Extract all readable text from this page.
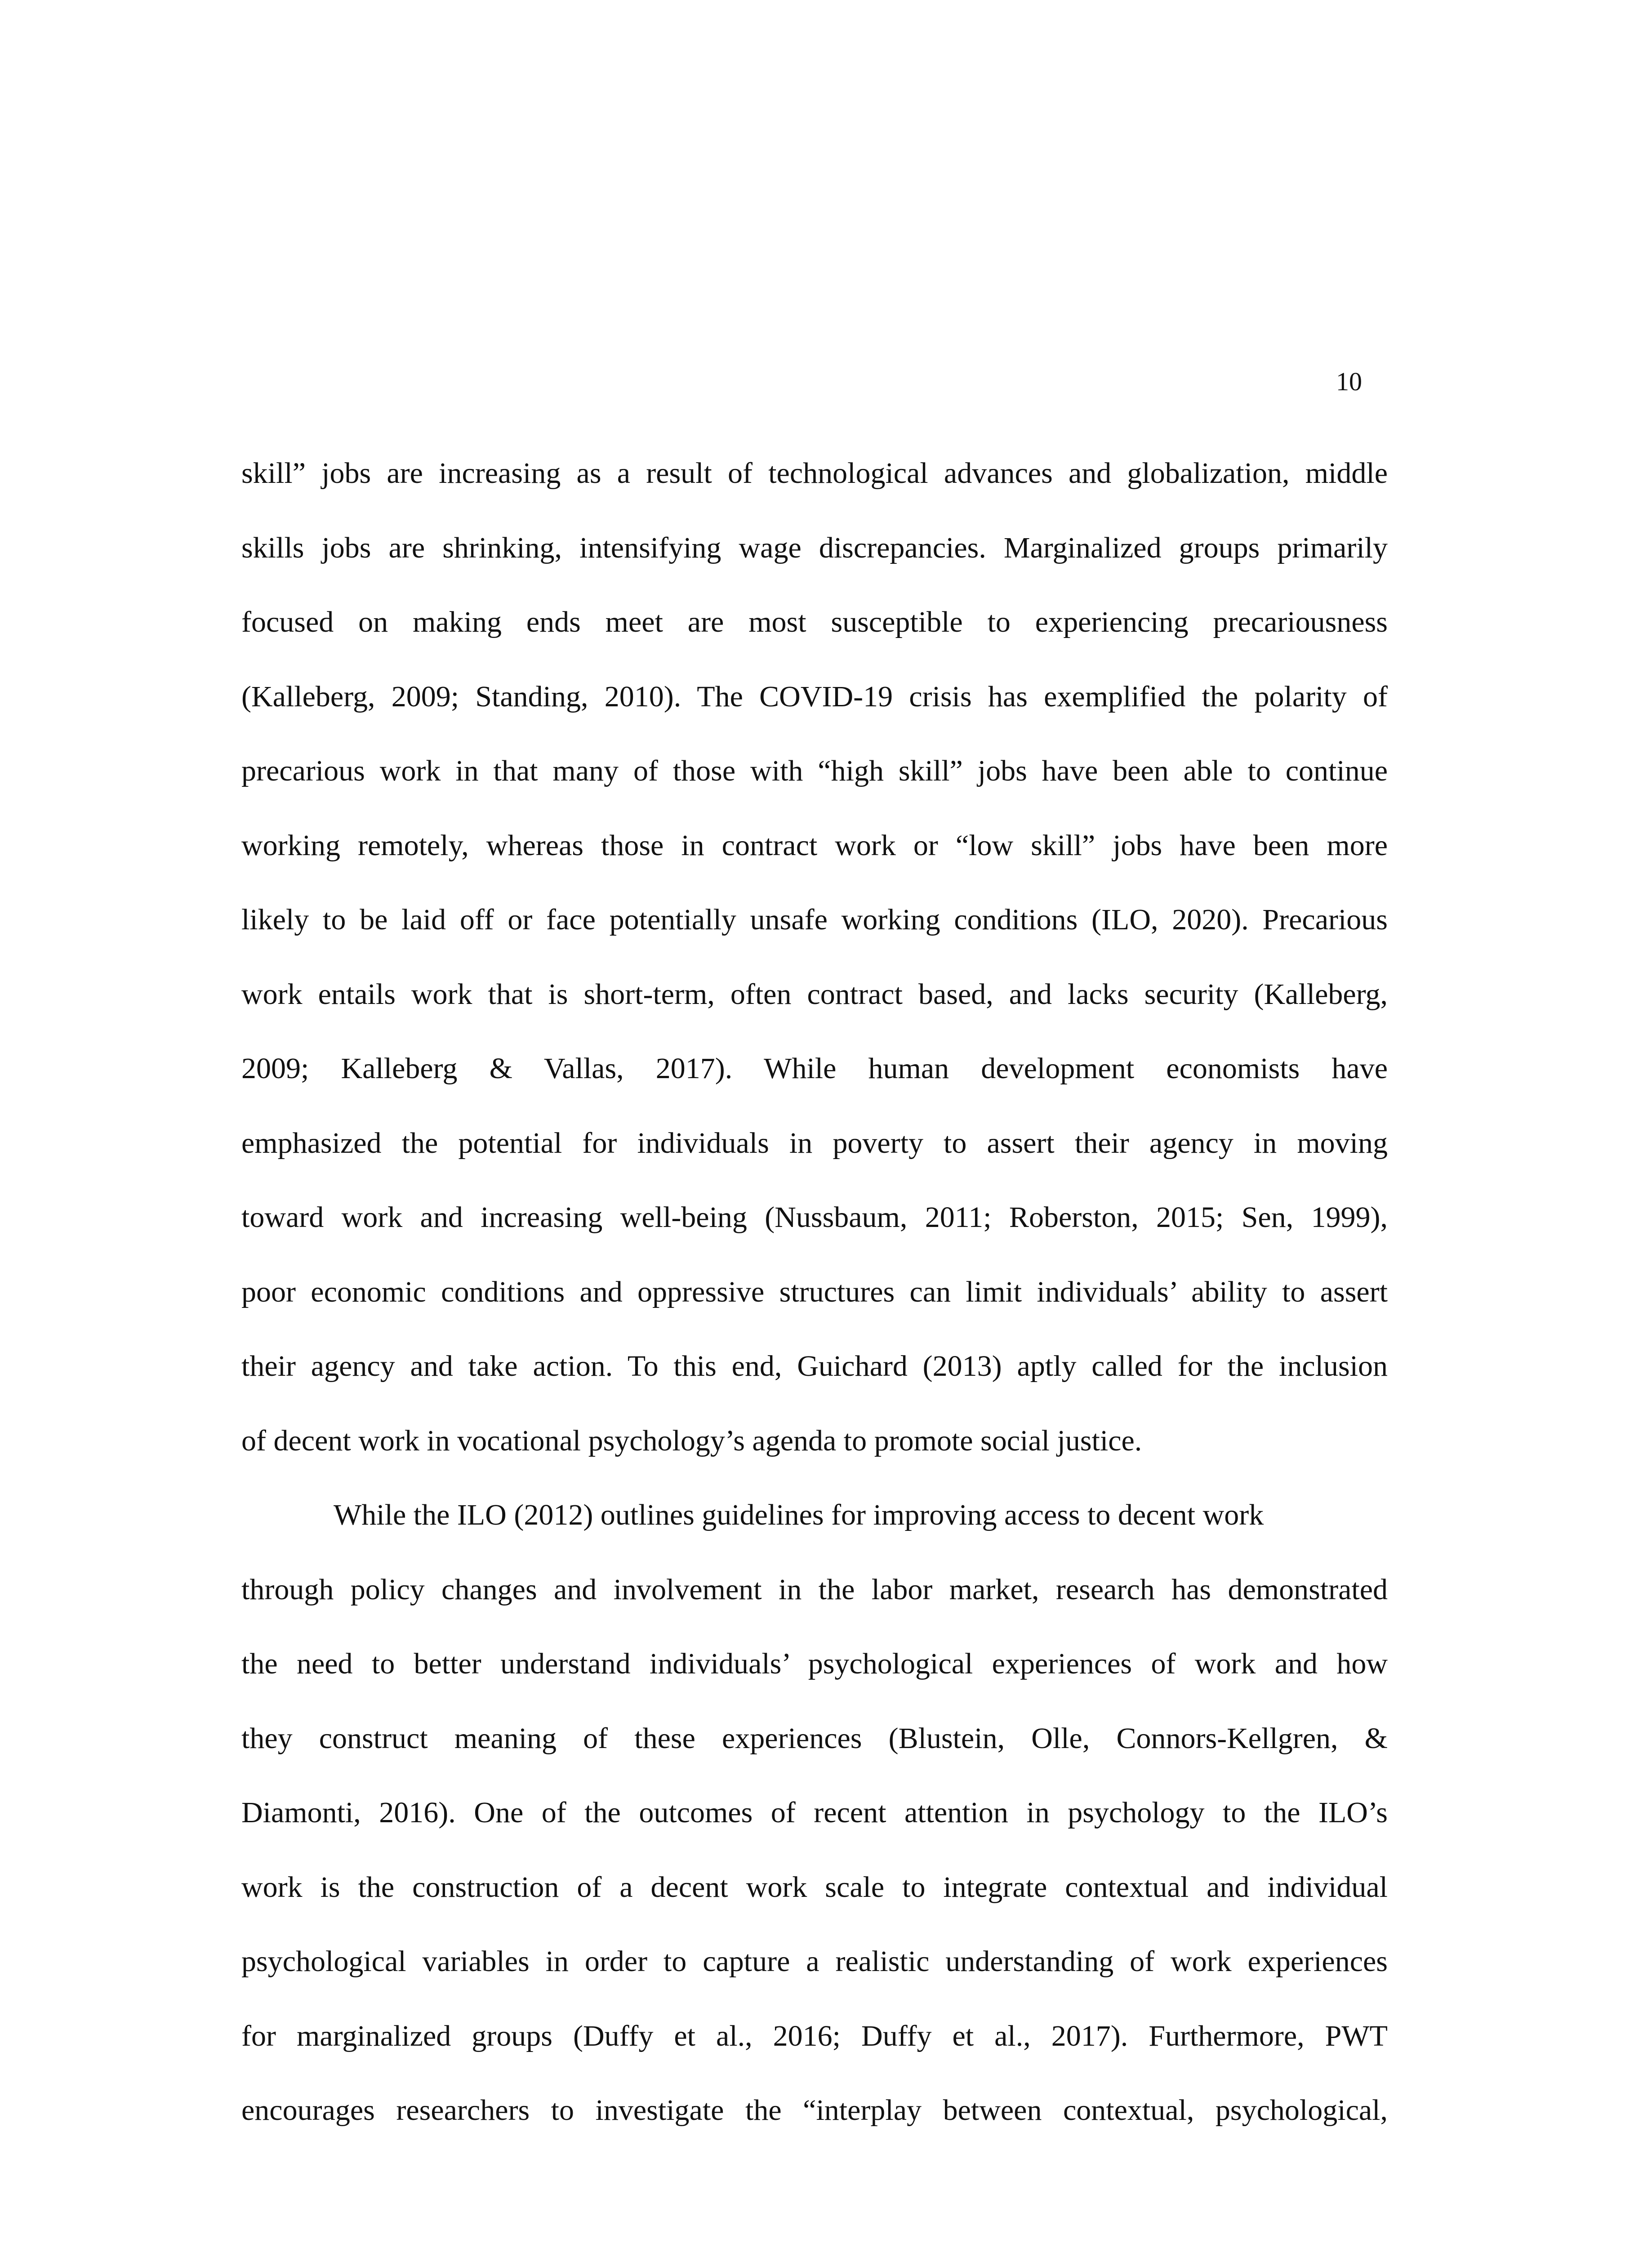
10
skill” jobs are increasing as a result of technological advances and globalization, middle
skills jobs are shrinking, intensifying wage discrepancies. Marginalized groups primarily
focused on making ends meet are most susceptible to experiencing precariousness
(Kalleberg, 2009; Standing, 2010). The COVID-19 crisis has exemplified the polarity of
precarious work in that many of those with “high skill” jobs have been able to continue
working remotely, whereas those in contract work or “low skill” jobs have been more
likely to be laid off or face potentially unsafe working conditions (ILO, 2020). Precarious
work entails work that is short-term, often contract based, and lacks security (Kalleberg,
2009; Kalleberg & Vallas, 2017). While human development economists have
emphasized the potential for individuals in poverty to assert their agency in moving
toward work and increasing well-being (Nussbaum, 2011; Roberston, 2015; Sen, 1999),
poor economic conditions and oppressive structures can limit individuals’ ability to assert
their agency and take action. To this end, Guichard (2013) aptly called for the inclusion
of decent work in vocational psychology’s agenda to promote social justice.
While the ILO (2012) outlines guidelines for improving access to decent work
through policy changes and involvement in the labor market, research has demonstrated
the need to better understand individuals’ psychological experiences of work and how
they construct meaning of these experiences (Blustein, Olle, Connors-Kellgren, &
Diamonti, 2016). One of the outcomes of recent attention in psychology to the ILO’s
work is the construction of a decent work scale to integrate contextual and individual
psychological variables in order to capture a realistic understanding of work experiences
for marginalized groups (Duffy et al., 2016; Duffy et al., 2017). Furthermore, PWT
encourages researchers to investigate the “interplay between contextual, psychological,
